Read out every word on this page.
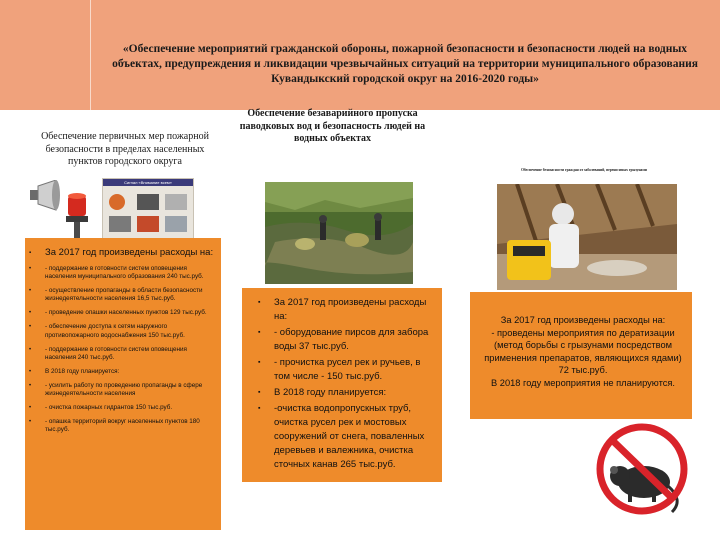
«Обеспечение мероприятий гражданской обороны, пожарной безопасности и безопасности людей на водных объектах, предупреждения и ликвидации чрезвычайных ситуаций на территории муниципального образования Кувандыкский городской округ на 2016-2020 годы»
Обеспечение первичных мер пожарной безопасности в пределах населенных пунктов городского округа
Сигнал «Внимание всем»
▪ За 2017 год произведены расходы на:
• - поддержание в готовности систем оповещения населения муниципального образования 240 тыс.руб.
• - осуществление пропаганды в области безопасности жизнедеятельности населения 16,5 тыс.руб.
• - проведение опашки населенных пунктов 129 тыс.руб.
• - обеспечение доступа к сетям наружного противопожарного водоснабжения 150 тыс.руб.
• - поддержание в готовности систем оповещения населения 240 тыс.руб.
• В 2018 году планируется:
• - усилить работу по проведению пропаганды в сфере жизнедеятельности населения
• - очистка пожарных гидрантов 150 тыс.руб.
• - опашка территорий вокруг населенных пунктов 180 тыс.руб.
Обеспечение безаварийного пропуска паводковых вод и безопасность людей на водных объектах
▪ За 2017 год произведены расходы на:
▪ - оборудование пирсов для забора воды 37 тыс.руб.
▪ - прочистка русел рек и ручьев, в том числе - 150 тыс.руб.
▪ В 2018 году планируется:
▪ -очистка водопропускных труб, очистка русел рек и мостовых сооружений от снега, поваленных деревьев и валежника, очистка сточных канав 265 тыс.руб.
Обеспечение безопасности граждан от заболеваний, переносимых грызунами
За 2017 год произведены расходы на:
- проведены мероприятия по дератизации (метод борьбы с грызунами посредством применения препаратов, являющихся ядами) 72 тыс.руб.
В 2018 году мероприятия не планируются.
